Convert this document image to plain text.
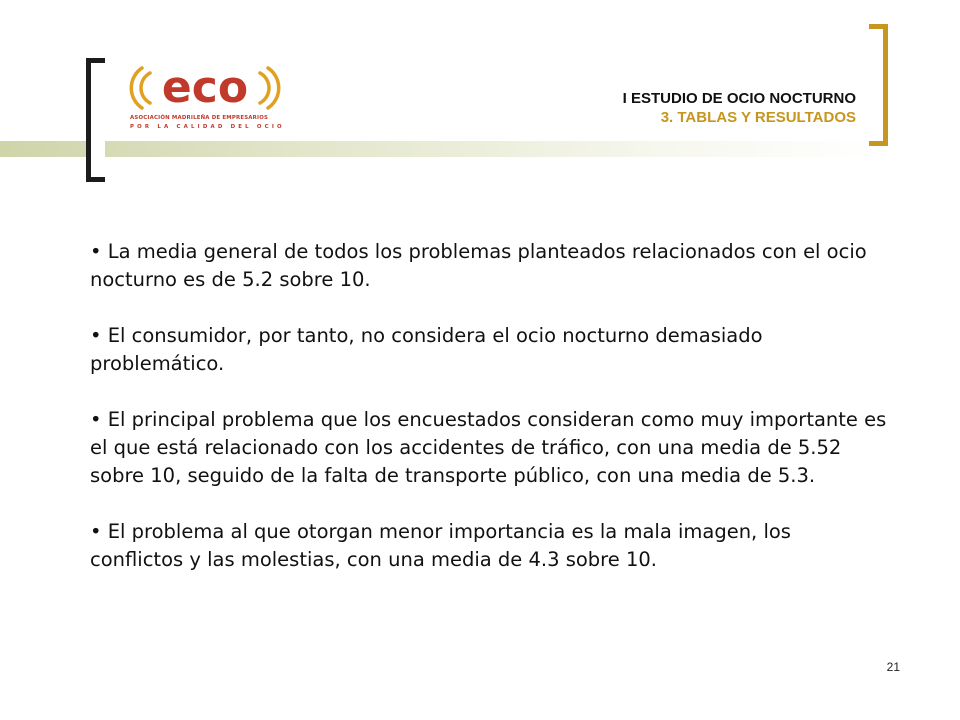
eco
ASOCIACIÓN MADRILEÑA DE EMPRESARIOS
POR LA CALIDAD DEL OCIO
I ESTUDIO DE OCIO NOCTURNO
3. TABLAS Y RESULTADOS

• La media general de todos los problemas planteados relacionados con el ocio nocturno es de 5.2 sobre 10.

• El consumidor, por tanto, no considera el ocio nocturno demasiado problemático.

• El principal problema que los encuestados consideran como muy importante es el que está relacionado con los accidentes de tráfico, con una media de 5.52 sobre 10, seguido de la falta de transporte público, con una media de 5.3.

• El problema al que otorgan menor importancia es la mala imagen, los conflictos y las molestias, con una media de 4.3 sobre 10.

21
